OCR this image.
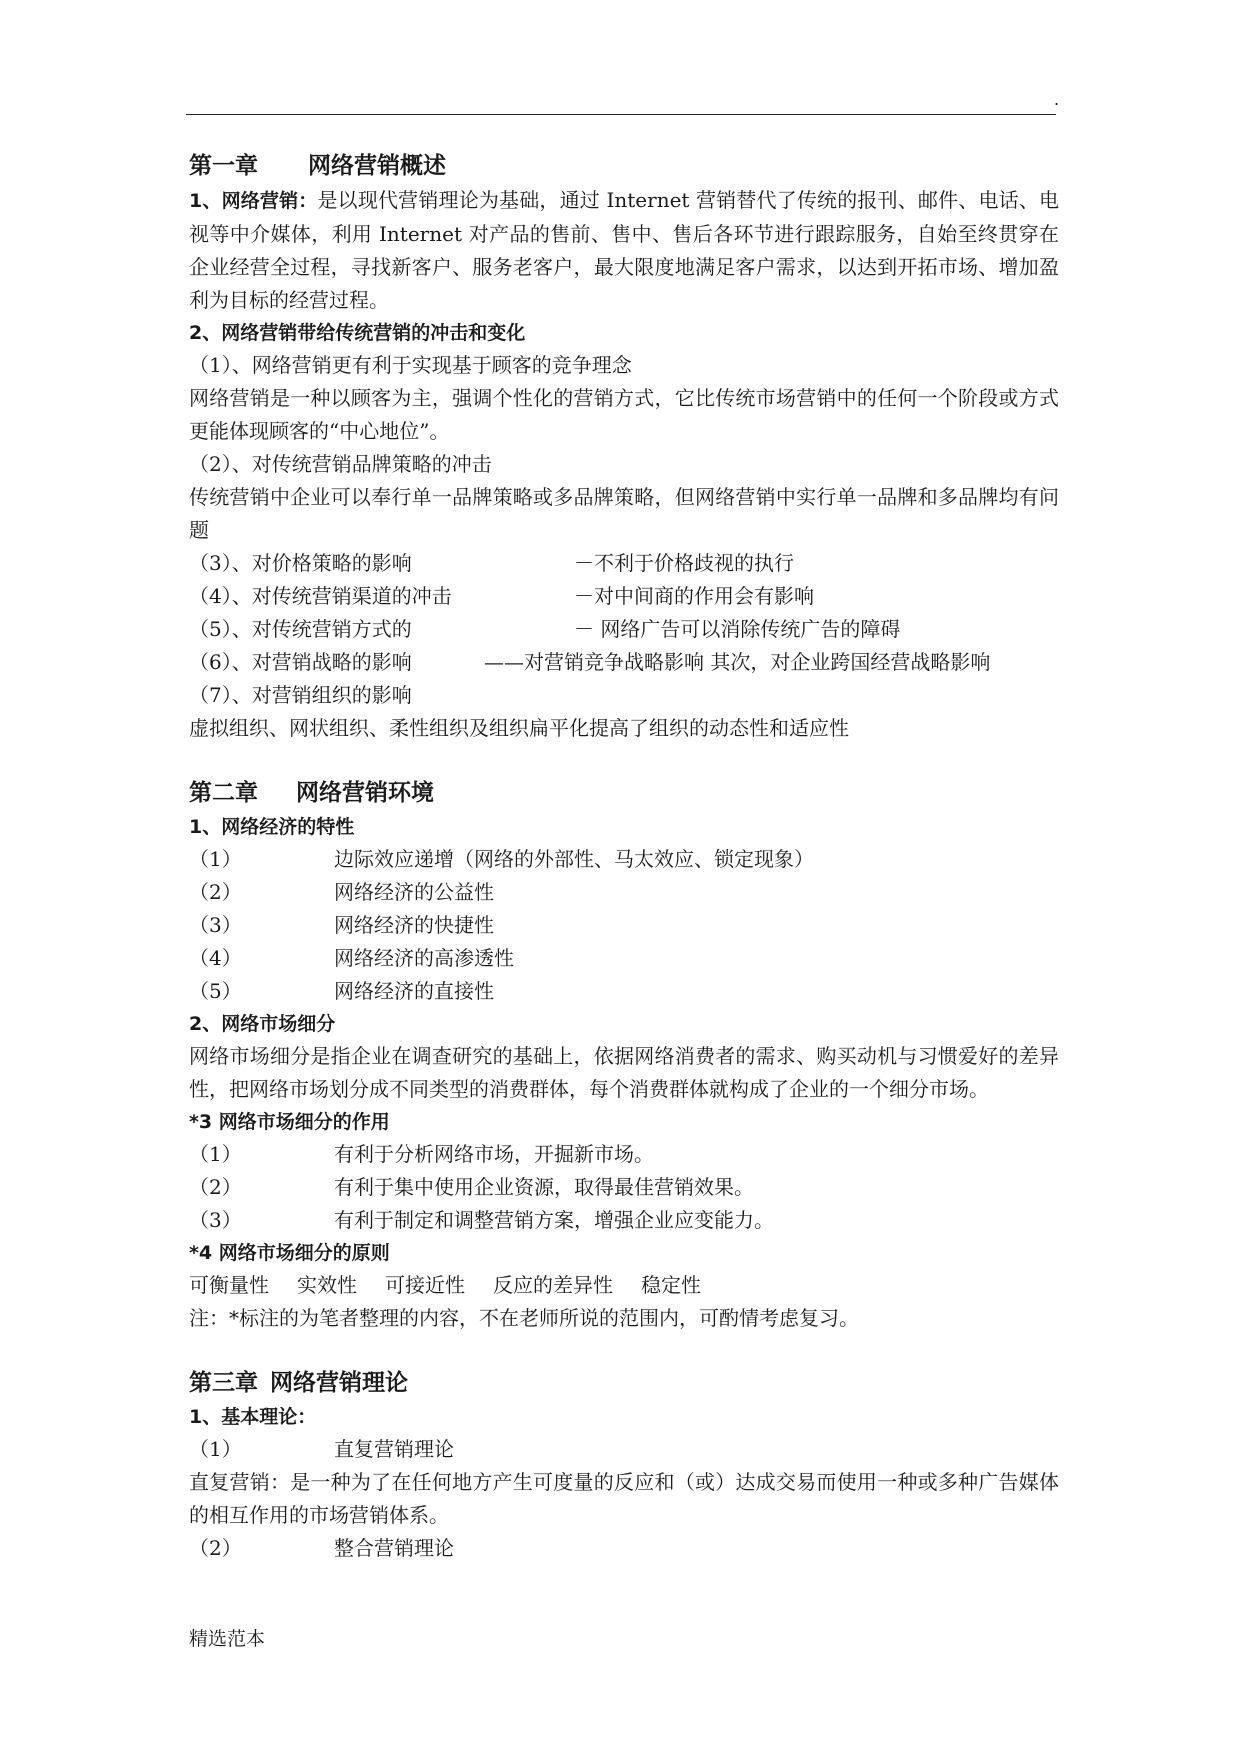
.
第一章 网络营销概述
1、网络营销：是以现代营销理论为基础，通过 Internet 营销替代了传统的报刊、邮件、电话、电视等中介媒体，利用 Internet 对产品的售前、售中、售后各环节进行跟踪服务，自始至终贯穿在企业经营全过程，寻找新客户、服务老客户，最大限度地满足客户需求，以达到开拓市场、增加盈利为目标的经营过程。
2、网络营销带给传统营销的冲击和变化
（1）、网络营销更有利于实现基于顾客的竞争理念
网络营销是一种以顾客为主，强调个性化的营销方式，它比传统市场营销中的任何一个阶段或方式更能体现顾客的“中心地位”。
（2）、对传统营销品牌策略的冲击
传统营销中企业可以奉行单一品牌策略或多品牌策略，但网络营销中实行单一品牌和多品牌均有问题
（3）、对价格策略的影响	－不利于价格歧视的执行
（4）、对传统营销渠道的冲击	－对中间商的作用会有影响
（5）、对传统营销方式的	－ 网络广告可以消除传统广告的障碍
（6）、对营销战略的影响	——对营销竞争战略影响 其次，对企业跨国经营战略影响
（7）、对营销组织的影响
虚拟组织、网状组织、柔性组织及组织扁平化提高了组织的动态性和适应性
第二章 网络营销环境
1、网络经济的特性
（1）	边际效应递增（网络的外部性、马太效应、锁定现象）
（2）	网络经济的公益性
（3）	网络经济的快捷性
（4）	网络经济的高渗透性
（5）	网络经济的直接性
2、网络市场细分
网络市场细分是指企业在调查研究的基础上，依据网络消费者的需求、购买动机与习惯爱好的差异性，把网络市场划分成不同类型的消费群体，每个消费群体就构成了企业的一个细分市场。
*3 网络市场细分的作用
（1）	有利于分析网络市场，开掘新市场。
（2）	有利于集中使用企业资源，取得最佳营销效果。
（3）	有利于制定和调整营销方案，增强企业应变能力。
*4 网络市场细分的原则
可衡量性 实效性 可接近性 反应的差异性 稳定性
注：*标注的为笔者整理的内容，不在老师所说的范围内，可酌情考虑复习。
第三章 网络营销理论
1、基本理论：
（1）	直复营销理论
直复营销：是一种为了在任何地方产生可度量的反应和（或）达成交易而使用一种或多种广告媒体的相互作用的市场营销体系。
（2）	整合营销理论
精选范本
